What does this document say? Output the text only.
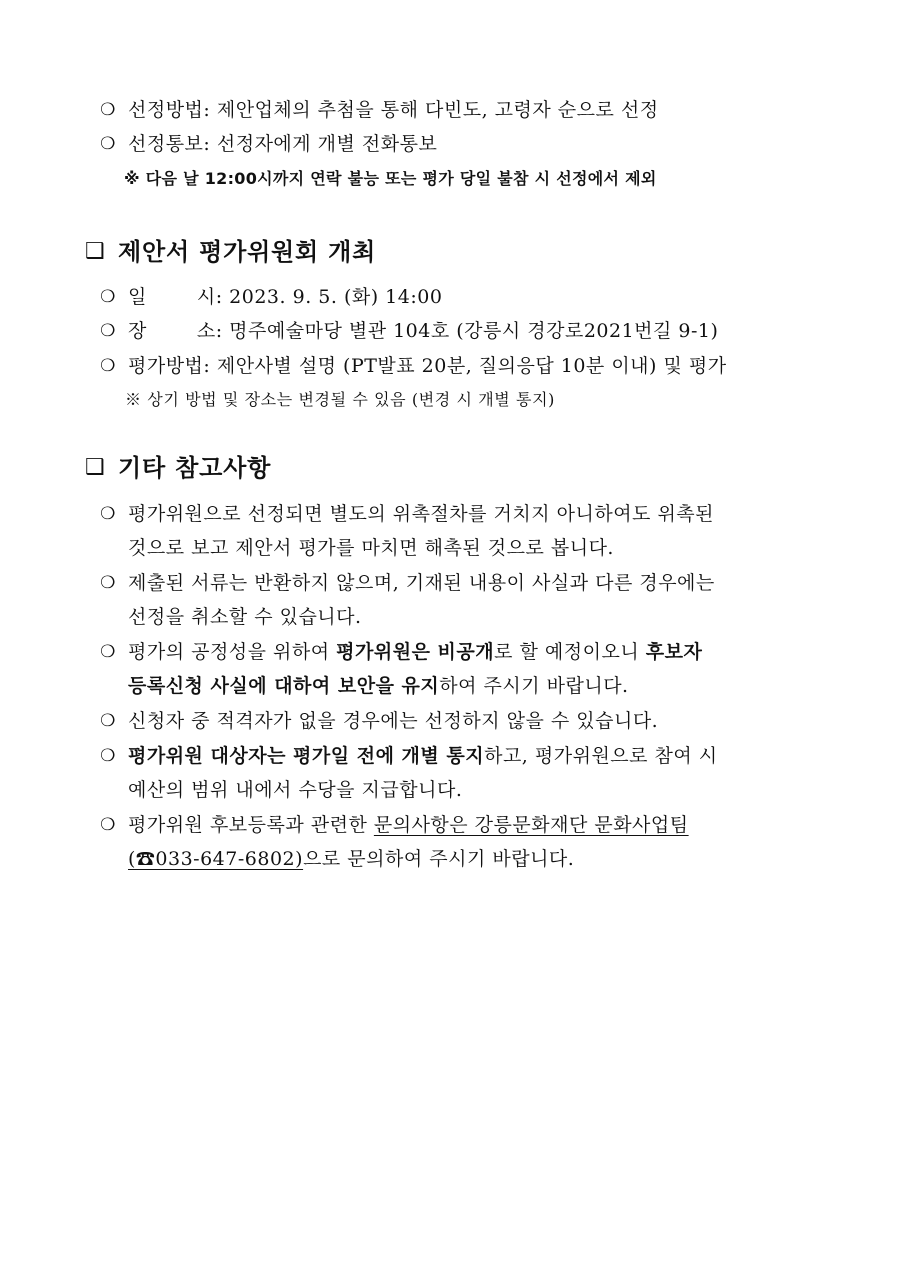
❍ 선정방법: 제안업체의 추첨을 통해 다빈도, 고령자 순으로 선정
❍ 선정통보: 선정자에게 개별 전화통보
※ 다음 날 12:00시까지 연락 불능 또는 평가 당일 불참 시 선정에서 제외
❑ 제안서 평가위원회 개최
❍ 일	시: 2023. 9. 5. (화) 14:00
❍ 장	소: 명주예술마당 별관 104호 (강릉시 경강로2021번길 9-1)
❍ 평가방법: 제안사별 설명 (PT발표 20분, 질의응답 10분 이내) 및 평가
※ 상기 방법 및 장소는 변경될 수 있음 (변경 시 개별 통지)
❑ 기타 참고사항
❍ 평가위원으로 선정되면 별도의 위촉절차를 거치지 아니하여도 위촉된
것으로 보고 제안서 평가를 마치면 해촉된 것으로 봅니다.
❍ 제출된 서류는 반환하지 않으며, 기재된 내용이 사실과 다른 경우에는
선정을 취소할 수 있습니다.
❍ 평가의 공정성을 위하여 평가위원은 비공개로 할 예정이오니 후보자
등록신청 사실에 대하여 보안을 유지하여 주시기 바랍니다.
❍ 신청자 중 적격자가 없을 경우에는 선정하지 않을 수 있습니다.
❍ 평가위원 대상자는 평가일 전에 개별 통지하고, 평가위원으로 참여 시
예산의 범위 내에서 수당을 지급합니다.
❍ 평가위원 후보등록과 관련한 문의사항은 강릉문화재단 문화사업팀
(☎033-647-6802)으로 문의하여 주시기 바랍니다.
